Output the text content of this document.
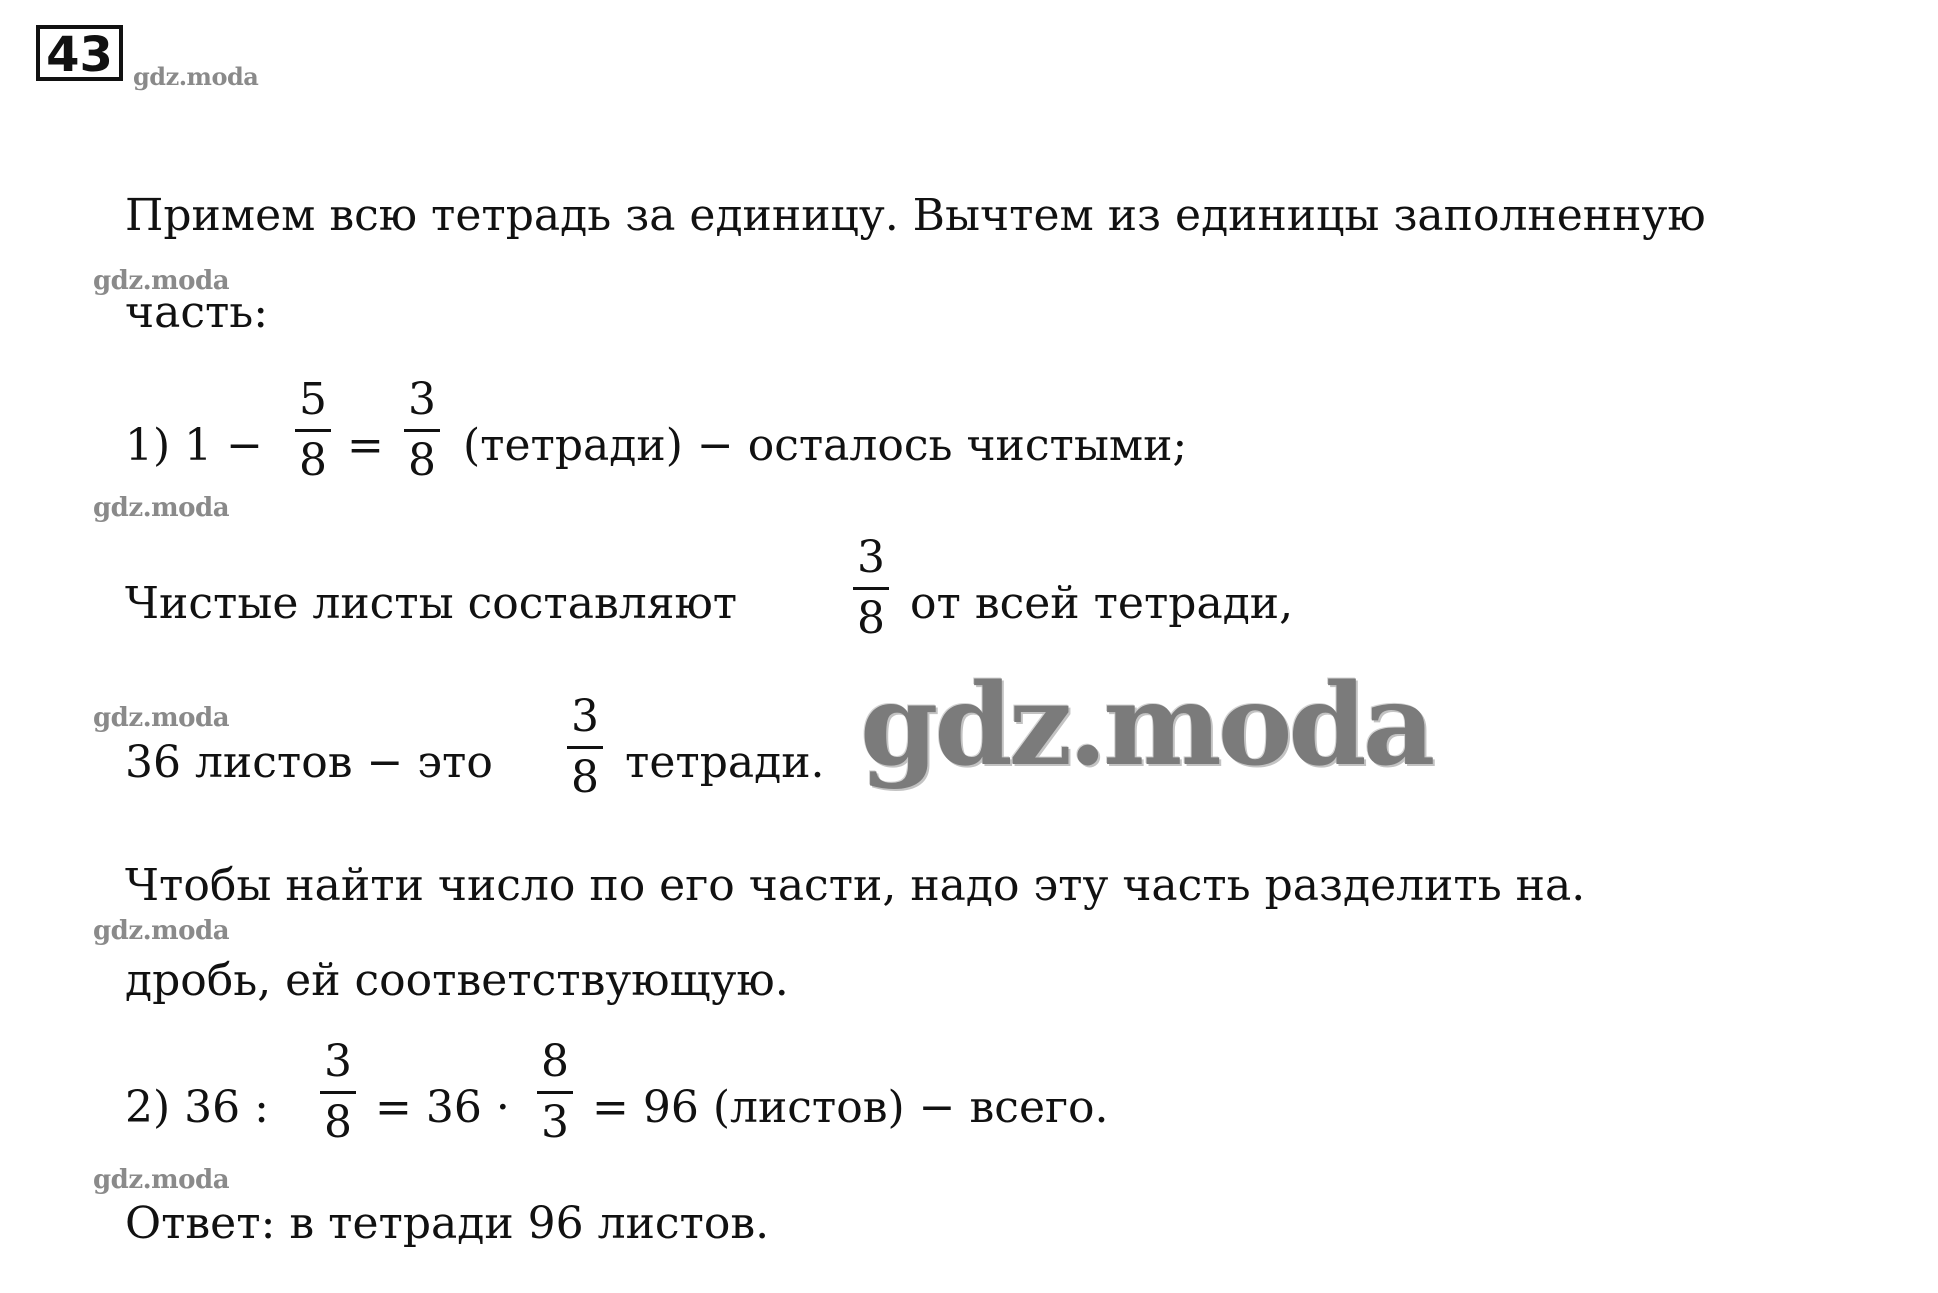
43 gdz.moda
Примем всю тетрадь за единицу. Вычтем из единицы заполненную
gdz.moda
часть:
1) 1 −
5
8 =
3
8 (тетради) − осталось чистыми;
gdz.moda
Чистые листы составляют
3
8 от всей тетради,
gdz.moda
36 листов − это
3
8 тетради. gdz.moda
Чтобы найти число по его части, надо эту часть разделить на.
gdz.moda
дробь, ей соответствующую.
2) 36 :
3
8 = 36 ·
8
3 = 96 (листов) − всего.
gdz.moda
Ответ: в тетради 96 листов.
